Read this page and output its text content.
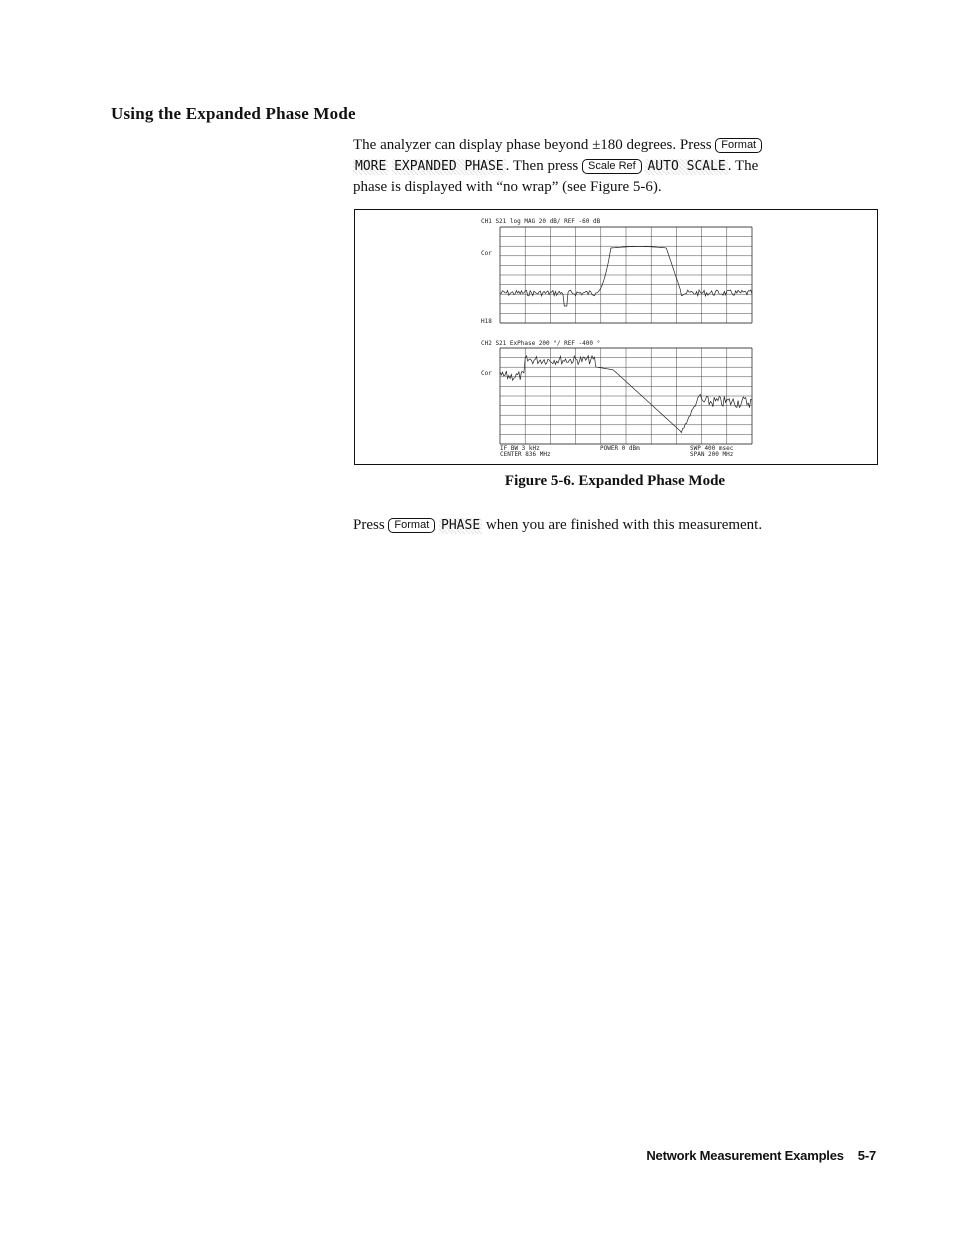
Using the Expanded Phase Mode
The analyzer can display phase beyond ±180 degrees. Press Format
MORE EXPANDED PHASE . Then press Scale Ref AUTO SCALE . The
phase is displayed with “no wrap” (see Figure 5-6).
CH1 S21 log MAG 20 dB/ REF -60 dB
Cor
H18
CH2 S21 ExPhase 200 °/ REF -400 °
Cor
IF BW 3 kHz
CENTER 836 MHz
POWER 0 dBm	SWP 400 msec
SPAN 200 MHz
Figure 5-6. Expanded Phase Mode
Press Format PHASE when you are finished with this measurement.
Network Measurement Examples 5-7
